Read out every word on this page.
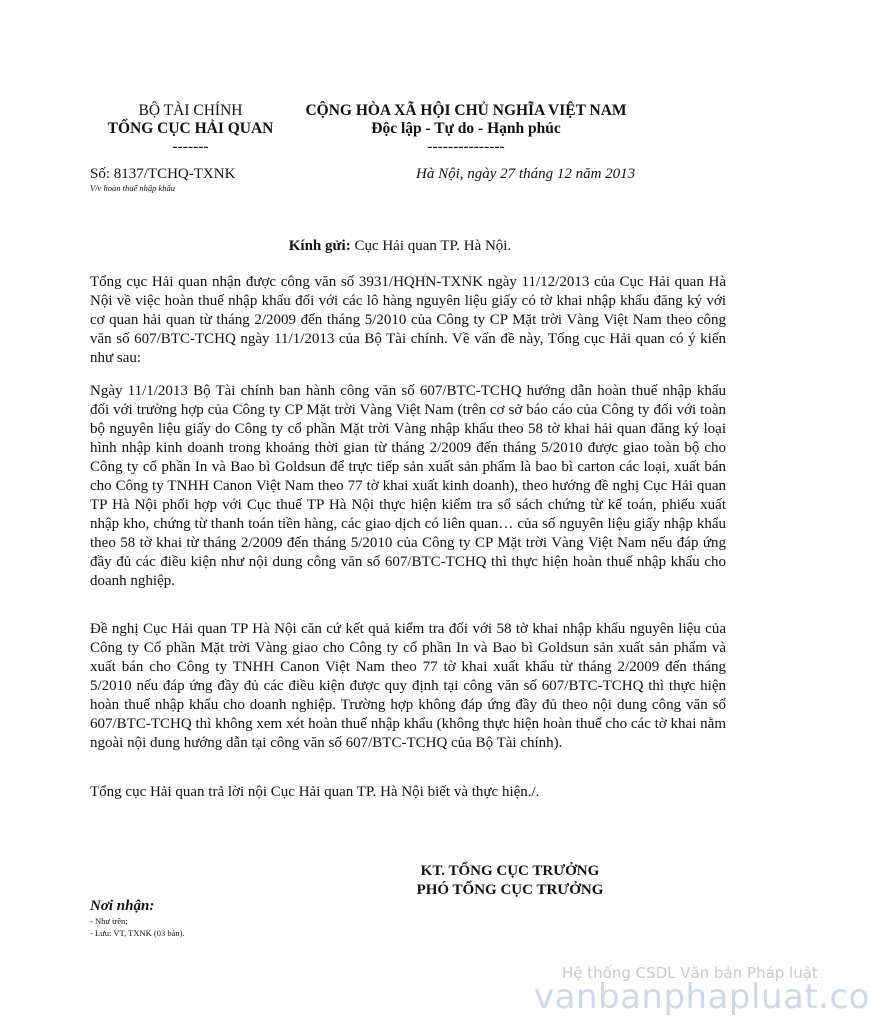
BỘ TÀI CHÍNH
TỔNG CỤC HẢI QUAN
-------
CỘNG HÒA XÃ HỘI CHỦ NGHĨA VIỆT NAM
Độc lập - Tự do - Hạnh phúc
---------------
Số: 8137/TCHQ-TXNK
V/v hoàn thuế nhập khẩu
Hà Nội, ngày 27 tháng 12 năm 2013
Kính gửi: Cục Hải quan TP. Hà Nội.
Tổng cục Hải quan nhận được công văn số 3931/HQHN-TXNK ngày 11/12/2013 của Cục Hải quan Hà Nội về việc hoàn thuế nhập khẩu đối với các lô hàng nguyên liệu giấy có tờ khai nhập khẩu đăng ký với cơ quan hải quan từ tháng 2/2009 đến tháng 5/2010 của Công ty CP Mặt trời Vàng Việt Nam theo công văn số 607/BTC-TCHQ ngày 11/1/2013 của Bộ Tài chính. Về vấn đề này, Tổng cục Hải quan có ý kiến như sau:
Ngày 11/1/2013 Bộ Tài chính ban hành công văn số 607/BTC-TCHQ hướng dẫn hoàn thuế nhập khẩu đối với trường hợp của Công ty CP Mặt trời Vàng Việt Nam (trên cơ sở báo cáo của Công ty đối với toàn bộ nguyên liệu giấy do Công ty cổ phần Mặt trời Vàng nhập khẩu theo 58 tờ khai hải quan đăng ký loại hình nhập kinh doanh trong khoảng thời gian từ tháng 2/2009 đến tháng 5/2010 được giao toàn bộ cho Công ty cổ phần In và Bao bì Goldsun để trực tiếp sản xuất sản phẩm là bao bì carton các loại, xuất bán cho Công ty TNHH Canon Việt Nam theo 77 tờ khai xuất kinh doanh), theo hướng đề nghị Cục Hải quan TP Hà Nội phối hợp với Cục thuế TP Hà Nội thực hiện kiểm tra sổ sách chứng từ kế toán, phiếu xuất nhập kho, chứng từ thanh toán tiền hàng, các giao dịch có liên quan… của số nguyên liệu giấy nhập khẩu theo 58 tờ khai từ tháng 2/2009 đến tháng 5/2010 của Công ty CP Mặt trời Vàng Việt Nam nếu đáp ứng đầy đủ các điều kiện như nội dung công văn số 607/BTC-TCHQ thì thực hiện hoàn thuế nhập khẩu cho doanh nghiệp.
Đề nghị Cục Hải quan TP Hà Nội căn cứ kết quả kiểm tra đối với 58 tờ khai nhập khẩu nguyên liệu của Công ty Cổ phần Mặt trời Vàng giao cho Công ty cổ phần In và Bao bì Goldsun sản xuất sản phẩm và xuất bán cho Công ty TNHH Canon Việt Nam theo 77 tờ khai xuất khẩu từ tháng 2/2009 đến tháng 5/2010 nếu đáp ứng đầy đủ các điều kiện được quy định tại công văn số 607/BTC-TCHQ thì thực hiện hoàn thuế nhập khẩu cho doanh nghiệp. Trường hợp không đáp ứng đầy đủ theo nội dung công văn số 607/BTC-TCHQ thì không xem xét hoàn thuế nhập khẩu (không thực hiện hoàn thuế cho các tờ khai nằm ngoài nội dung hướng dẫn tại công văn số 607/BTC-TCHQ của Bộ Tài chính).
Tổng cục Hải quan trả lời nội Cục Hải quan TP. Hà Nội biết và thực hiện./.
KT. TỔNG CỤC TRƯỞNG
PHÓ TỔNG CỤC TRƯỞNG
Nơi nhận:
- Như trên;
- Lưu: VT, TXNK (03 bản).
Hệ thống CSDL Văn bản Pháp luật
vanbanphapluat.co
